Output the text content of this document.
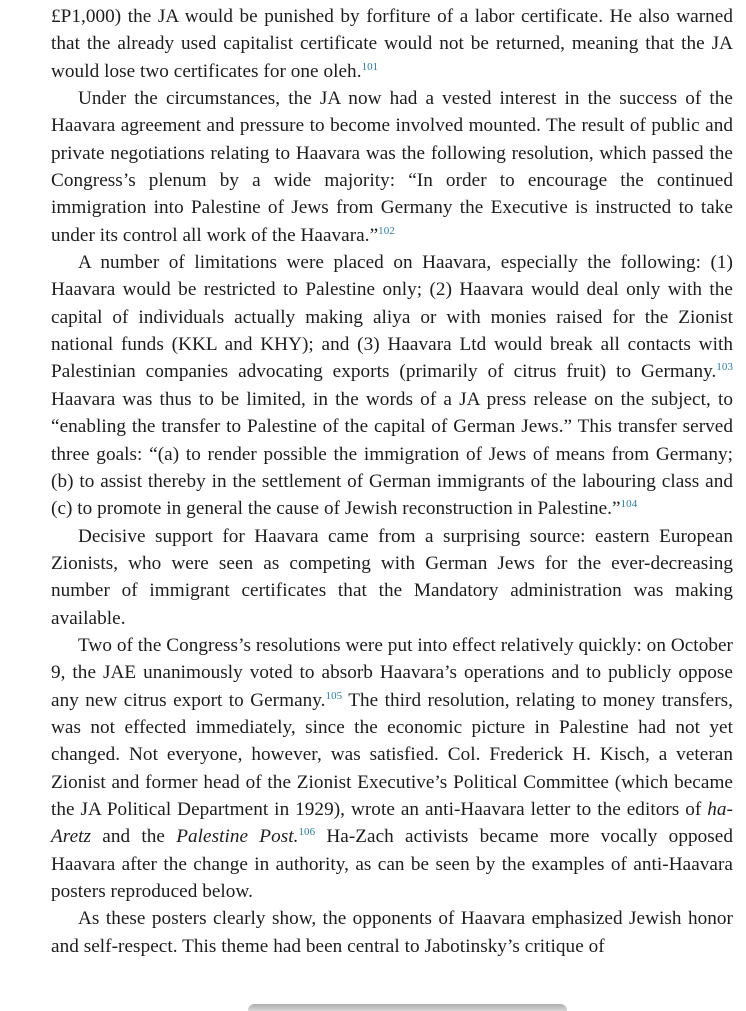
£P1,000) the JA would be punished by forfiture of a labor certificate. He also warned that the already used capitalist certificate would not be returned, meaning that the JA would lose two certificates for one oleh.$^{101}$

Under the circumstances, the JA now had a vested interest in the success of the Haavara agreement and pressure to become involved mounted. The result of public and private negotiations relating to Haavara was the following resolution, which passed the Congress’s plenum by a wide majority: “In order to encourage the continued immigration into Palestine of Jews from Germany the Executive is instructed to take under its control all work of the Haavara.”$^{102}$

A number of limitations were placed on Haavara, especially the following: (1) Haavara would be restricted to Palestine only; (2) Haavara would deal only with the capital of individuals actually making aliya or with monies raised for the Zionist national funds (KKL and KHY); and (3) Haavara Ltd would break all contacts with Palestinian companies advocating exports (primarily of citrus fruit) to Germany.$^{103}$ Haavara was thus to be limited, in the words of a JA press release on the subject, to “enabling the transfer to Palestine of the capital of German Jews.” This transfer served three goals: “(a) to render possible the immigration of Jews of means from Germany; (b) to assist thereby in the settlement of German immigrants of the labouring class and (c) to promote in general the cause of Jewish reconstruction in Palestine.”$^{104}$

Decisive support for Haavara came from a surprising source: eastern European Zionists, who were seen as competing with German Jews for the ever-decreasing number of immigrant certificates that the Mandatory administration was making available.

Two of the Congress’s resolutions were put into effect relatively quickly: on October 9, the JAE unanimously voted to absorb Haavara’s operations and to publicly oppose any new citrus export to Germany.$^{105}$ The third resolution, relating to money transfers, was not effected immediately, since the economic picture in Palestine had not yet changed. Not everyone, however, was satisfied. Col. Frederick H. Kisch, a veteran Zionist and former head of the Zionist Executive’s Political Committee (which became the JA Political Department in 1929), wrote an anti-Haavara letter to the editors of ha-Aretz and the Palestine Post.$^{106}$ Ha-Zach activists became more vocally opposed Haavara after the change in authority, as can be seen by the examples of anti-Haavara posters reproduced below.

As these posters clearly show, the opponents of Haavara emphasized Jewish honor and self-respect. This theme had been central to Jabotinsky’s critique of
